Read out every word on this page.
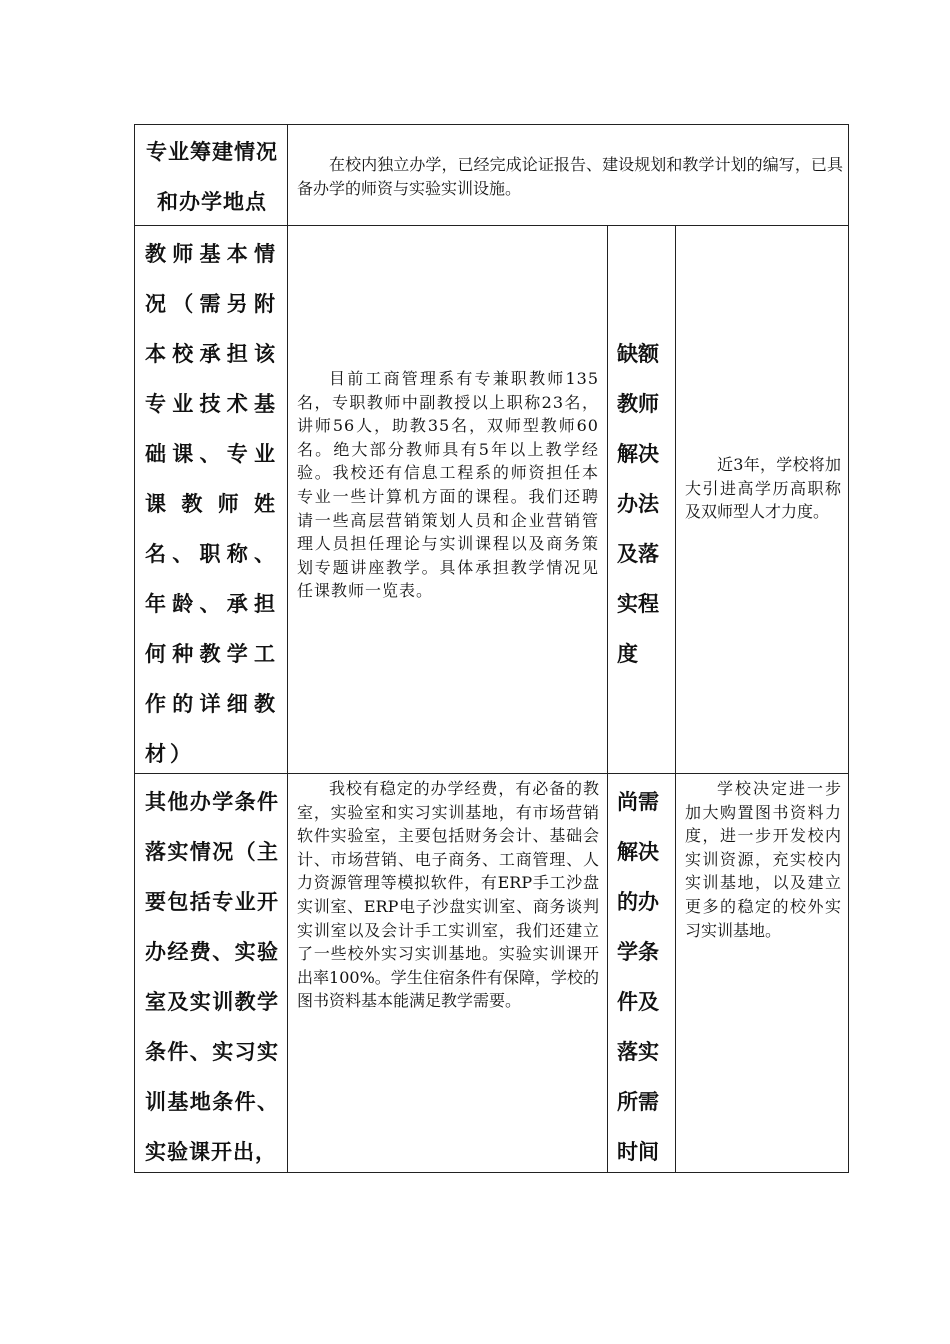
专业筹建情况和办学地点
在校内独立办学，已经完成论证报告、建设规划和教学计划的编写，已具备办学的师资与实验实训设施。
教师基本情况（需另附本校承担该专业技术基础课、专业课教师姓名、职称、年龄、承担何种教学工作的详细教材）
目前工商管理系有专兼职教师135名，专职教师中副教授以上职称23名，讲师56人，助教35名，双师型教师60名。绝大部分教师具有5年以上教学经验。我校还有信息工程系的师资担任本专业一些计算机方面的课程。我们还聘请一些高层营销策划人员和企业营销管理人员担任理论与实训课程以及商务策划专题讲座教学。具体承担教学情况见任课教师一览表。
缺额教师解决办法及落实程度
近3年，学校将加大引进高学历高职称及双师型人才力度。
其他办学条件落实情况（主要包括专业开办经费、实验室及实训教学条件、实习实训基地条件、实验课开出，
我校有稳定的办学经费，有必备的教室，实验室和实习实训基地，有市场营销软件实验室，主要包括财务会计、基础会计、市场营销、电子商务、工商管理、人力资源管理等模拟软件，有ERP手工沙盘实训室、ERP电子沙盘实训室、商务谈判实训室以及会计手工实训室，我们还建立了一些校外实习实训基地。实验实训课开出率100%。学生住宿条件有保障，学校的图书资料基本能满足教学需要。
尚需解决的办学条件及落实所需时间
学校决定进一步加大购置图书资料力度，进一步开发校内实训资源，充实校内实训基地，以及建立更多的稳定的校外实习实训基地。
